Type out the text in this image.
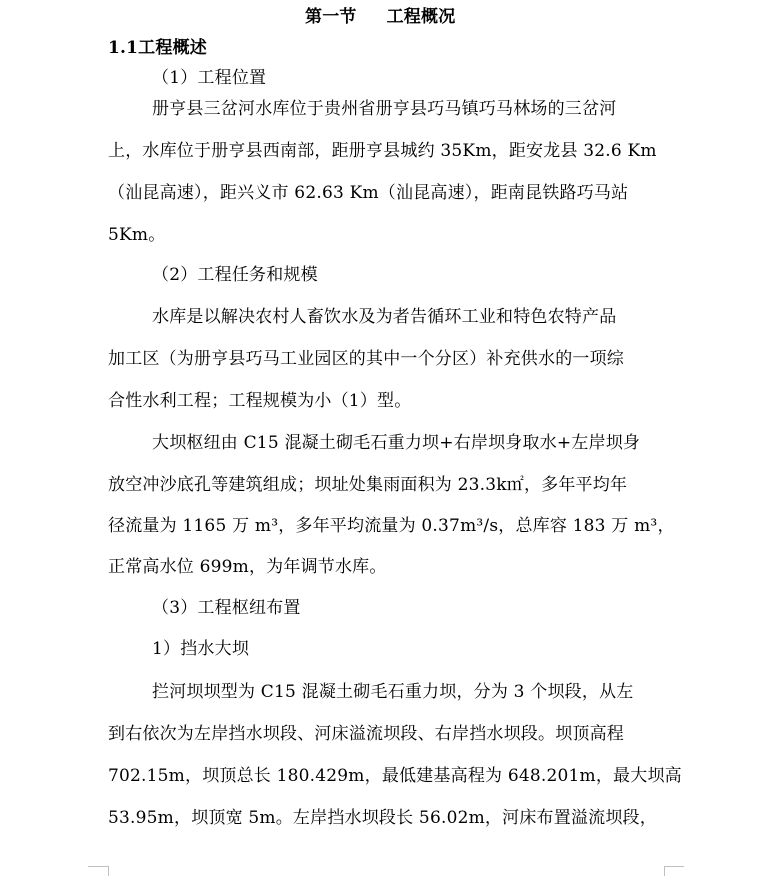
第一节 工程概况
1.1工程概述
（1）工程位置
册亨县三岔河水库位于贵州省册亨县巧马镇巧马林场的三岔河
上，水库位于册亨县西南部，距册亨县城约 35Km，距安龙县 32.6 Km
（汕昆高速），距兴义市 62.63 Km（汕昆高速），距南昆铁路巧马站
5Km。
（2）工程任务和规模
水库是以解决农村人畜饮水及为者告循环工业和特色农特产品
加工区（为册亨县巧马工业园区的其中一个分区）补充供水的一项综
合性水利工程；工程规模为小（1）型。
大坝枢纽由 C15 混凝土砌毛石重力坝+右岸坝身取水+左岸坝身
放空冲沙底孔等建筑组成；坝址处集雨面积为 23.3k㎡，多年平均年
径流量为 1165 万 m³，多年平均流量为 0.37m³/s，总库容 183 万 m³，
正常高水位 699m，为年调节水库。
（3）工程枢纽布置
1）挡水大坝
拦河坝坝型为 C15 混凝土砌毛石重力坝，分为 3 个坝段，从左
到右依次为左岸挡水坝段、河床溢流坝段、右岸挡水坝段。坝顶高程
702.15m，坝顶总长 180.429m，最低建基高程为 648.201m，最大坝高
53.95m，坝顶宽 5m。左岸挡水坝段长 56.02m，河床布置溢流坝段，
